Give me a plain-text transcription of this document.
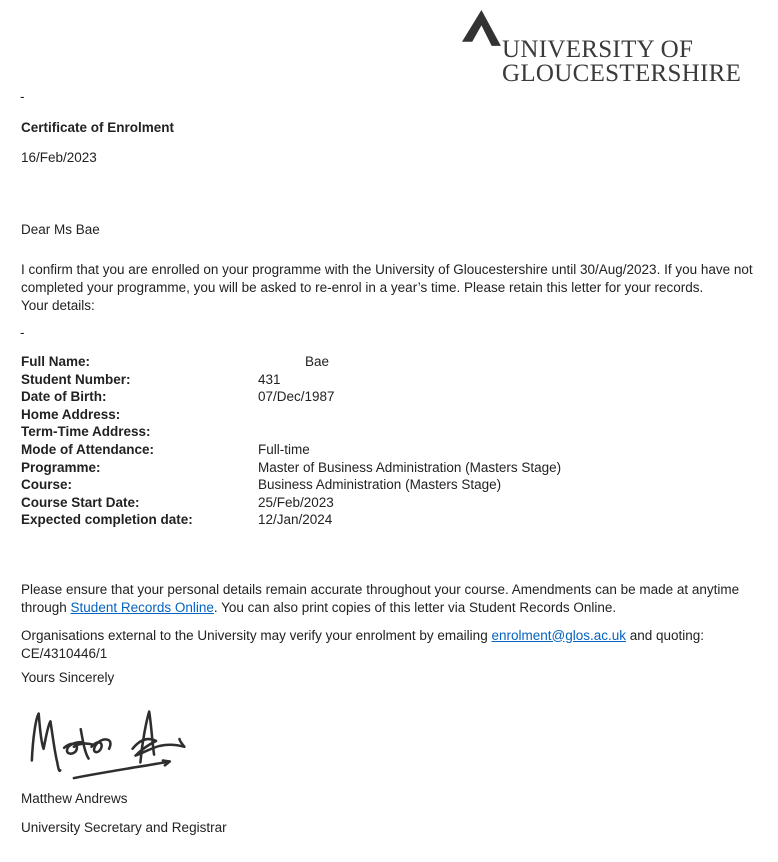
UNIVERSITY OF
GLOUCESTERSHIRE
-
Certificate of Enrolment
16/Feb/2023
Dear Ms Bae

I confirm that you are enrolled on your programme with the University of Gloucestershire until 30/Aug/2023. If you have not completed your programme, you will be asked to re-enrol in a year’s time. Please retain this letter for your records.

Your details:
-
Full Name:	Bae
Student Number:	431
Date of Birth:	07/Dec/1987
Home Address:
Term-Time Address:
Mode of Attendance:	Full-time
Programme:	Master of Business Administration (Masters Stage)
Course:	Business Administration (Masters Stage)
Course Start Date:	25/Feb/2023
Expected completion date:	12/Jan/2024

Please ensure that your personal details remain accurate throughout your course. Amendments can be made at anytime through Student Records Online. You can also print copies of this letter via Student Records Online.

Organisations external to the University may verify your enrolment by emailing enrolment@glos.ac.uk and quoting: CE/4310446/1

Yours Sincerely
Matthew Andrews
University Secretary and Registrar
